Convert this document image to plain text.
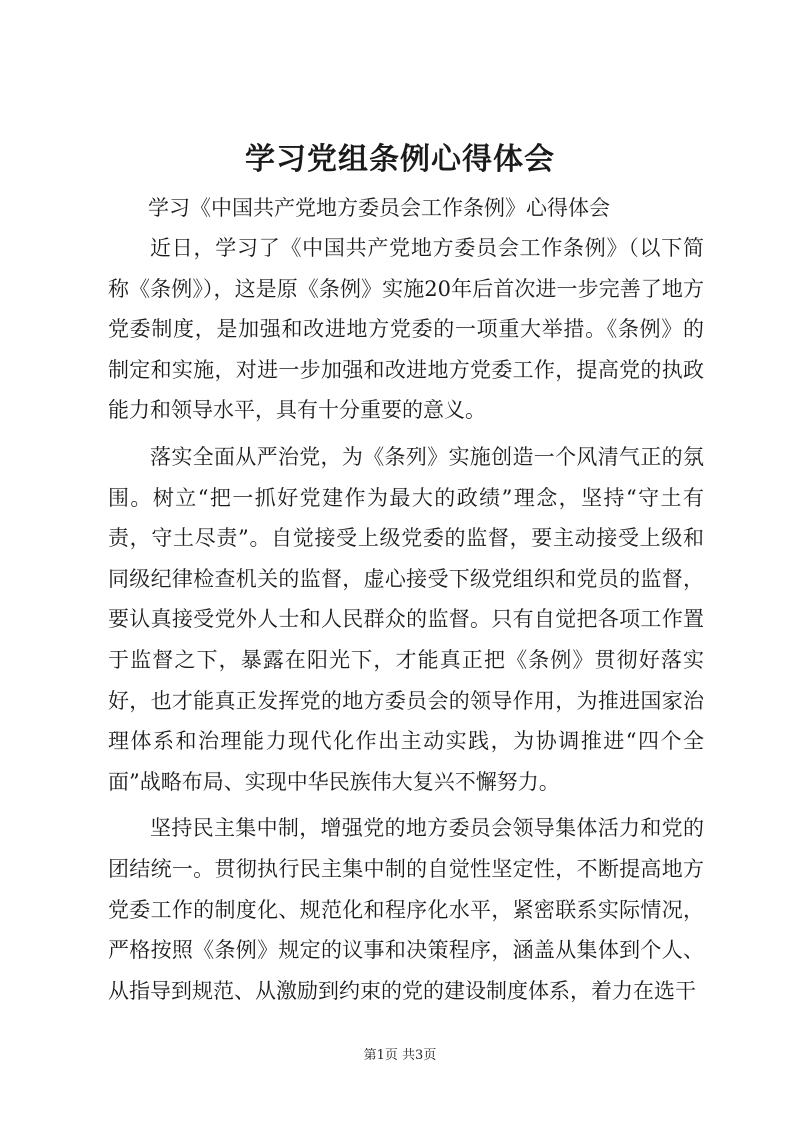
学习党组条例心得体会

学习《中国共产党地方委员会工作条例》心得体会

近日，学习了《中国共产党地方委员会工作条例》（以下简称《条例》），这是原《条例》实施20年后首次进一步完善了地方党委制度，是加强和改进地方党委的一项重大举措。《条例》的制定和实施，对进一步加强和改进地方党委工作，提高党的执政能力和领导水平，具有十分重要的意义。

落实全面从严治党，为《条列》实施创造一个风清气正的氛围。树立“把一抓好党建作为最大的政绩”理念，坚持“守土有责，守土尽责”。自觉接受上级党委的监督，要主动接受上级和同级纪律检查机关的监督，虚心接受下级党组织和党员的监督，要认真接受党外人士和人民群众的监督。只有自觉把各项工作置于监督之下，暴露在阳光下，才能真正把《条例》贯彻好落实好，也才能真正发挥党的地方委员会的领导作用，为推进国家治理体系和治理能力现代化作出主动实践，为协调推进“四个全面”战略布局、实现中华民族伟大复兴不懈努力。

坚持民主集中制，增强党的地方委员会领导集体活力和党的团结统一。贯彻执行民主集中制的自觉性坚定性，不断提高地方党委工作的制度化、规范化和程序化水平，紧密联系实际情况，严格按照《条例》规定的议事和决策程序，涵盖从集体到个人、从指导到规范、从激励到约束的党的建设制度体系，着力在选干

第1页 共3页
